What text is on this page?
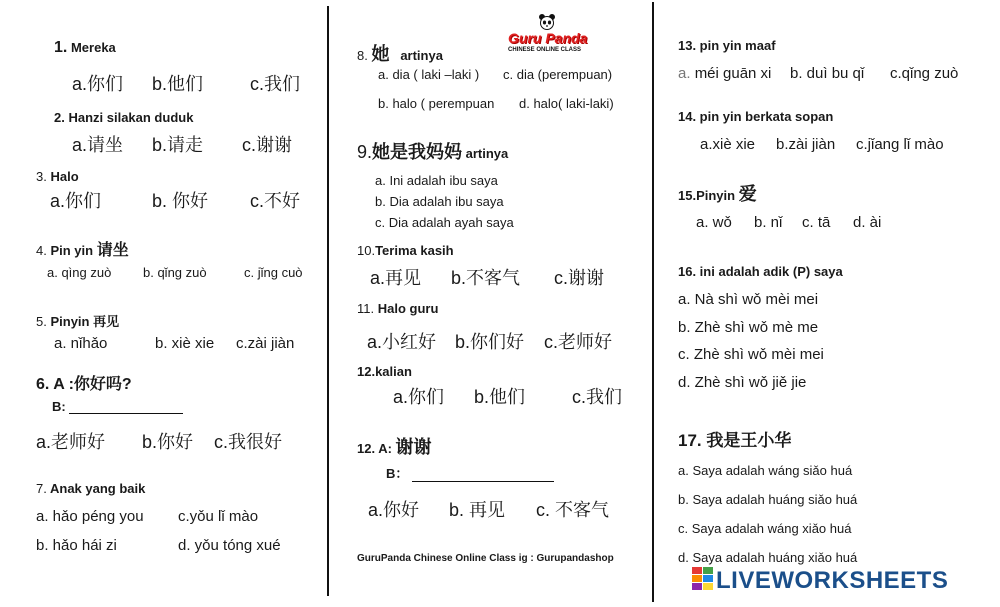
1. Mereka
a.你们 b.他们	c.我们
2. Hanzi silakan duduk
a.请坐 b.请走 c.谢谢
3. Halo
a.你们	b. 你好 c.不好
4. Pin yin 请坐
a. qìng zuò b. qǐng zuò	c. jǐng cuò
5. Pinyin 再见
a. nǐhǎo	b. xiè xie c.zài jiàn
6. A :你好吗?
B:
a.老师好 b.你好 c.我很好
7. Anak yang baik
a. hǎo péng you c.yǒu lǐ mào
b. hǎo hái zi	d. yǒu tóng xué
Guru Panda
CHINESE ONLINE CLASS
8. 她 artinya
a. dia ( laki –laki ) c. dia (perempuan)
b. halo ( perempuan d. halo( laki-laki)
9.她是我妈妈 artinya
a. Ini adalah ibu saya
b. Dia adalah ibu saya
c. Dia adalah ayah saya
10.Terima kasih
a.再见 b.不客气 c.谢谢
11. Halo guru
a.小红好 b.你们好 c.老师好
12.kalian
a.你们 b.他们	c.我们
12. A: 谢谢
B：
a.你好 b. 再见 c. 不客气
GuruPanda Chinese Online Class ig : Gurupandashop
13. pin yin maaf
a. méi guān xi b. duì bu qǐ c.qǐng zuò
14. pin yin berkata sopan
a.xiè xie b.zài jiàn c.jǐang lǐ mào
15.Pinyin 爱
a. wǒ b. nǐ c. tā d. ài
16. ini adalah adik (P) saya
a. Nà shì wǒ mèi mei
b. Zhè shì wǒ mè me
c. Zhè shì wǒ mèi mei
d. Zhè shì wǒ jiě jie
17. 我是王小华
a. Saya adalah wáng siǎo huá
b. Saya adalah huáng siǎo huá
c. Saya adalah wáng xiǎo huá
d. Saya adalah huáng xiǎo huá
LIVEWORKSHEETS
